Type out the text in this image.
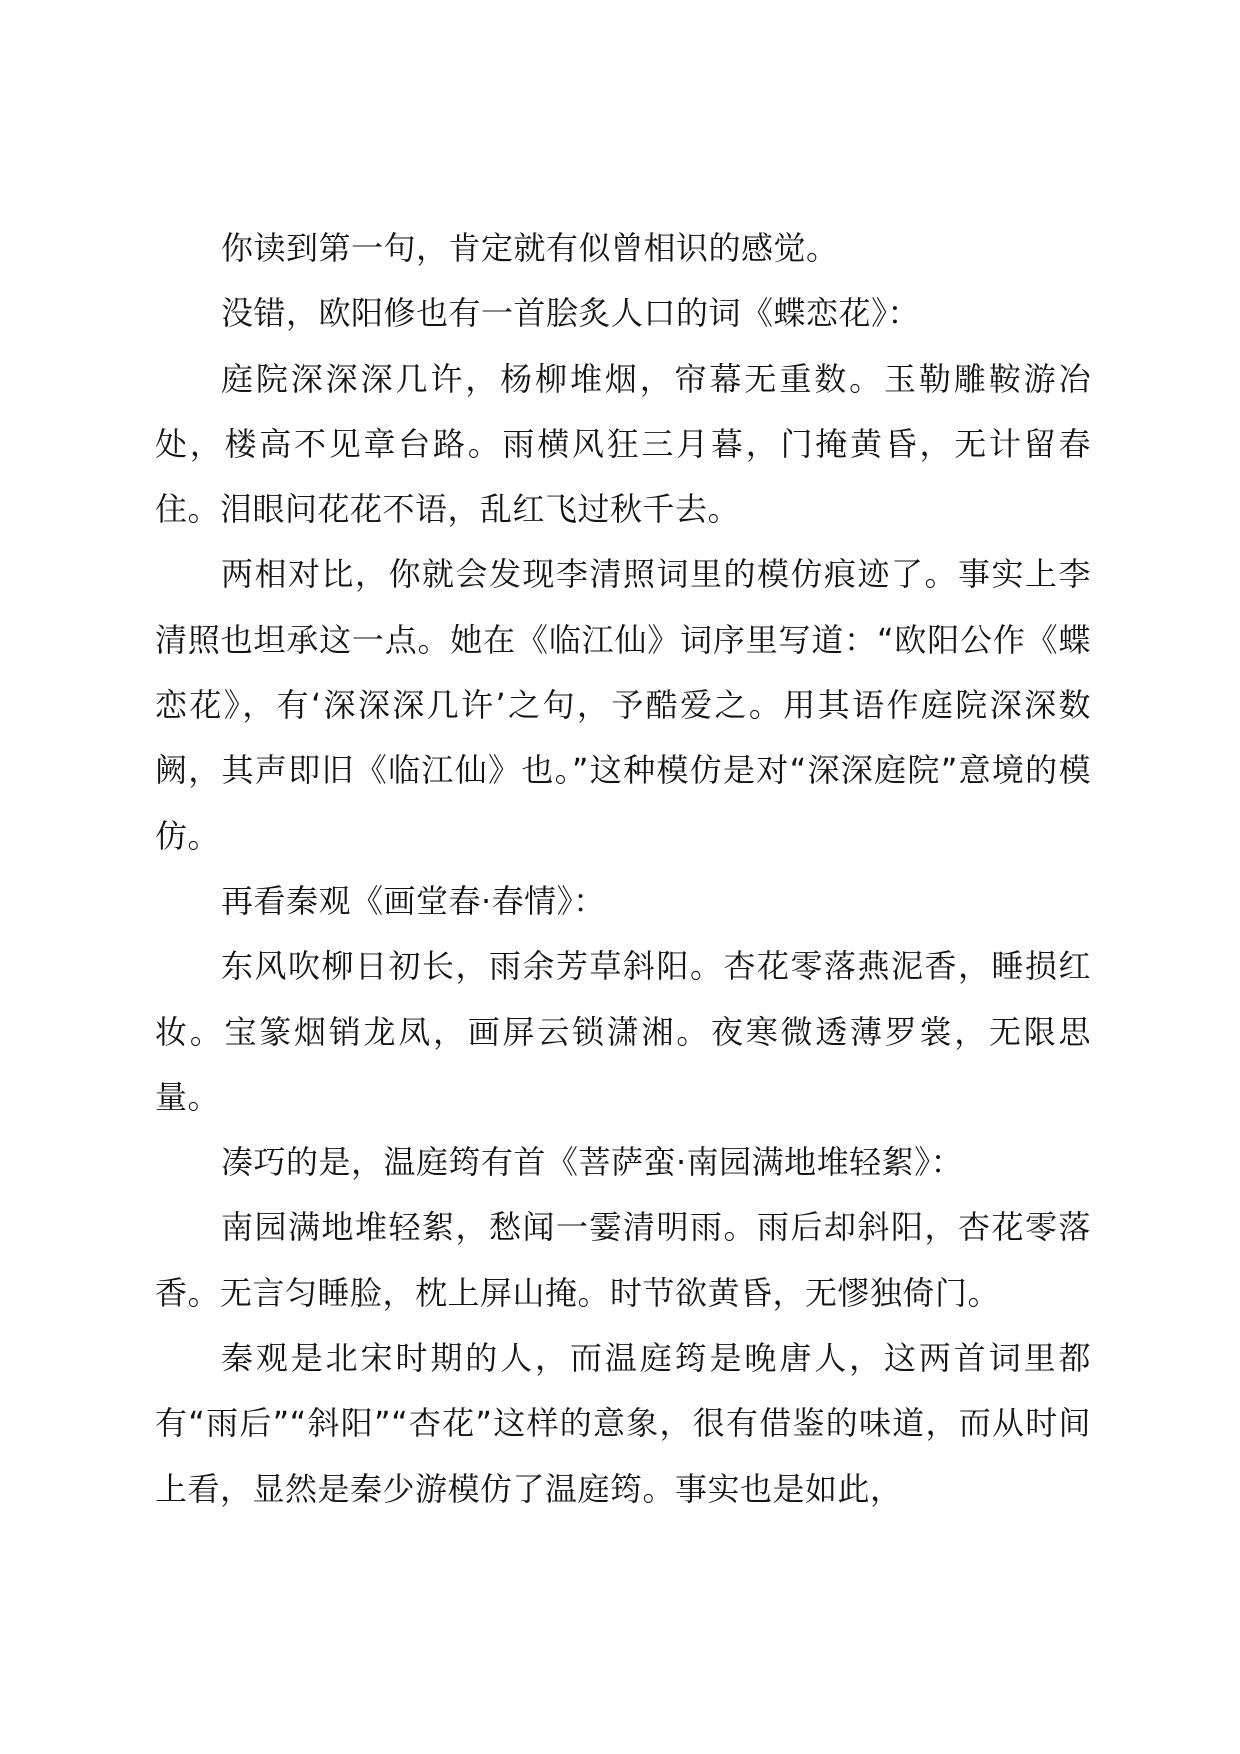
你读到第一句，肯定就有似曾相识的感觉。

没错，欧阳修也有一首脍炙人口的词《蝶恋花》：

庭院深深深几许，杨柳堆烟，帘幕无重数。玉勒雕鞍游冶处，楼高不见章台路。雨横风狂三月暮，门掩黄昏，无计留春住。泪眼问花花不语，乱红飞过秋千去。

两相对比，你就会发现李清照词里的模仿痕迹了。事实上李清照也坦承这一点。她在《临江仙》词序里写道：“欧阳公作《蝶恋花》，有‘深深深几许’之句，予酷爱之。用其语作庭院深深数阙，其声即旧《临江仙》也。”这种模仿是对“深深庭院”意境的模仿。

再看秦观《画堂春·春情》：

东风吹柳日初长，雨余芳草斜阳。杏花零落燕泥香，睡损红妆。宝篆烟销龙凤，画屏云锁潇湘。夜寒微透薄罗裳，无限思量。

凑巧的是，温庭筠有首《菩萨蛮·南园满地堆轻絮》：

南园满地堆轻絮，愁闻一霎清明雨。雨后却斜阳，杏花零落香。无言匀睡脸，枕上屏山掩。时节欲黄昏，无憀独倚门。

秦观是北宋时期的人，而温庭筠是晚唐人，这两首词里都有“雨后”“斜阳”“杏花”这样的意象，很有借鉴的味道，而从时间上看，显然是秦少游模仿了温庭筠。事实也是如此，
